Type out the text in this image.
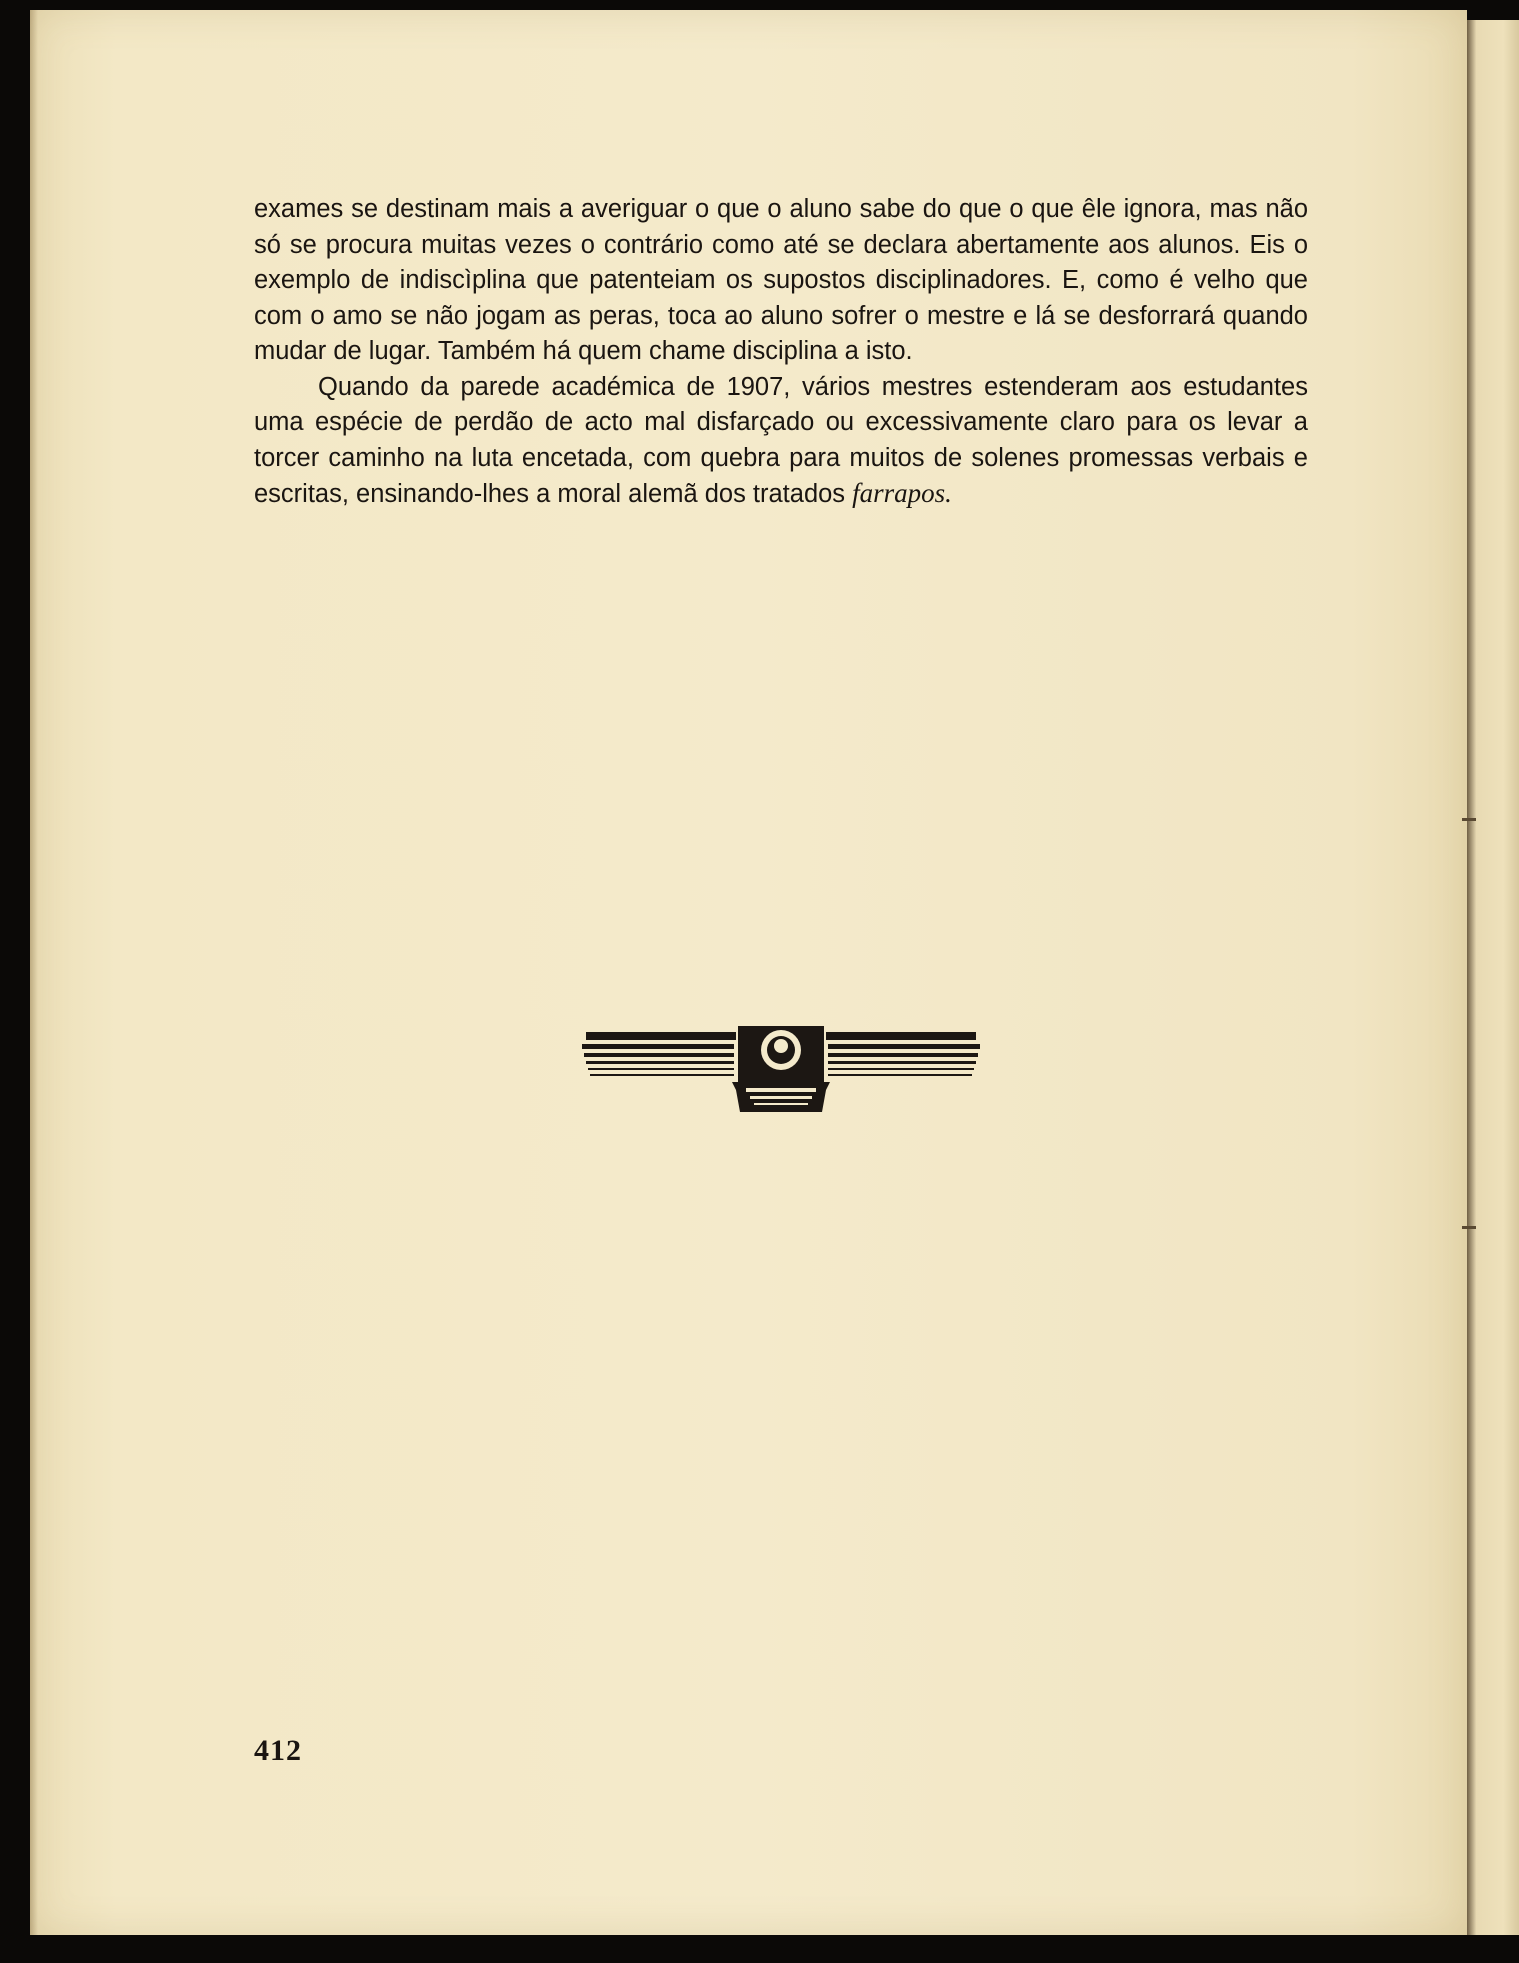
exames se destinam mais a averiguar o que o aluno sabe do que o que êle ignora, mas não só se procura muitas vezes o contrário como até se declara abertamente aos alunos. Eis o exemplo de indiscìplina que patenteiam os supostos disciplinadores. E, como é velho que com o amo se não jogam as peras, toca ao aluno sofrer o mestre e lá se desforrará quando mudar de lugar. Também há quem chame disciplina a isto.

Quando da parede académica de 1907, vários mestres estenderam aos estudantes uma espécie de perdão de acto mal disfarçado ou excessivamente claro para os levar a torcer caminho na luta encetada, com quebra para muitos de solenes promessas verbais e escritas, ensinando-lhes a moral alemã dos tratados farrapos.

412
